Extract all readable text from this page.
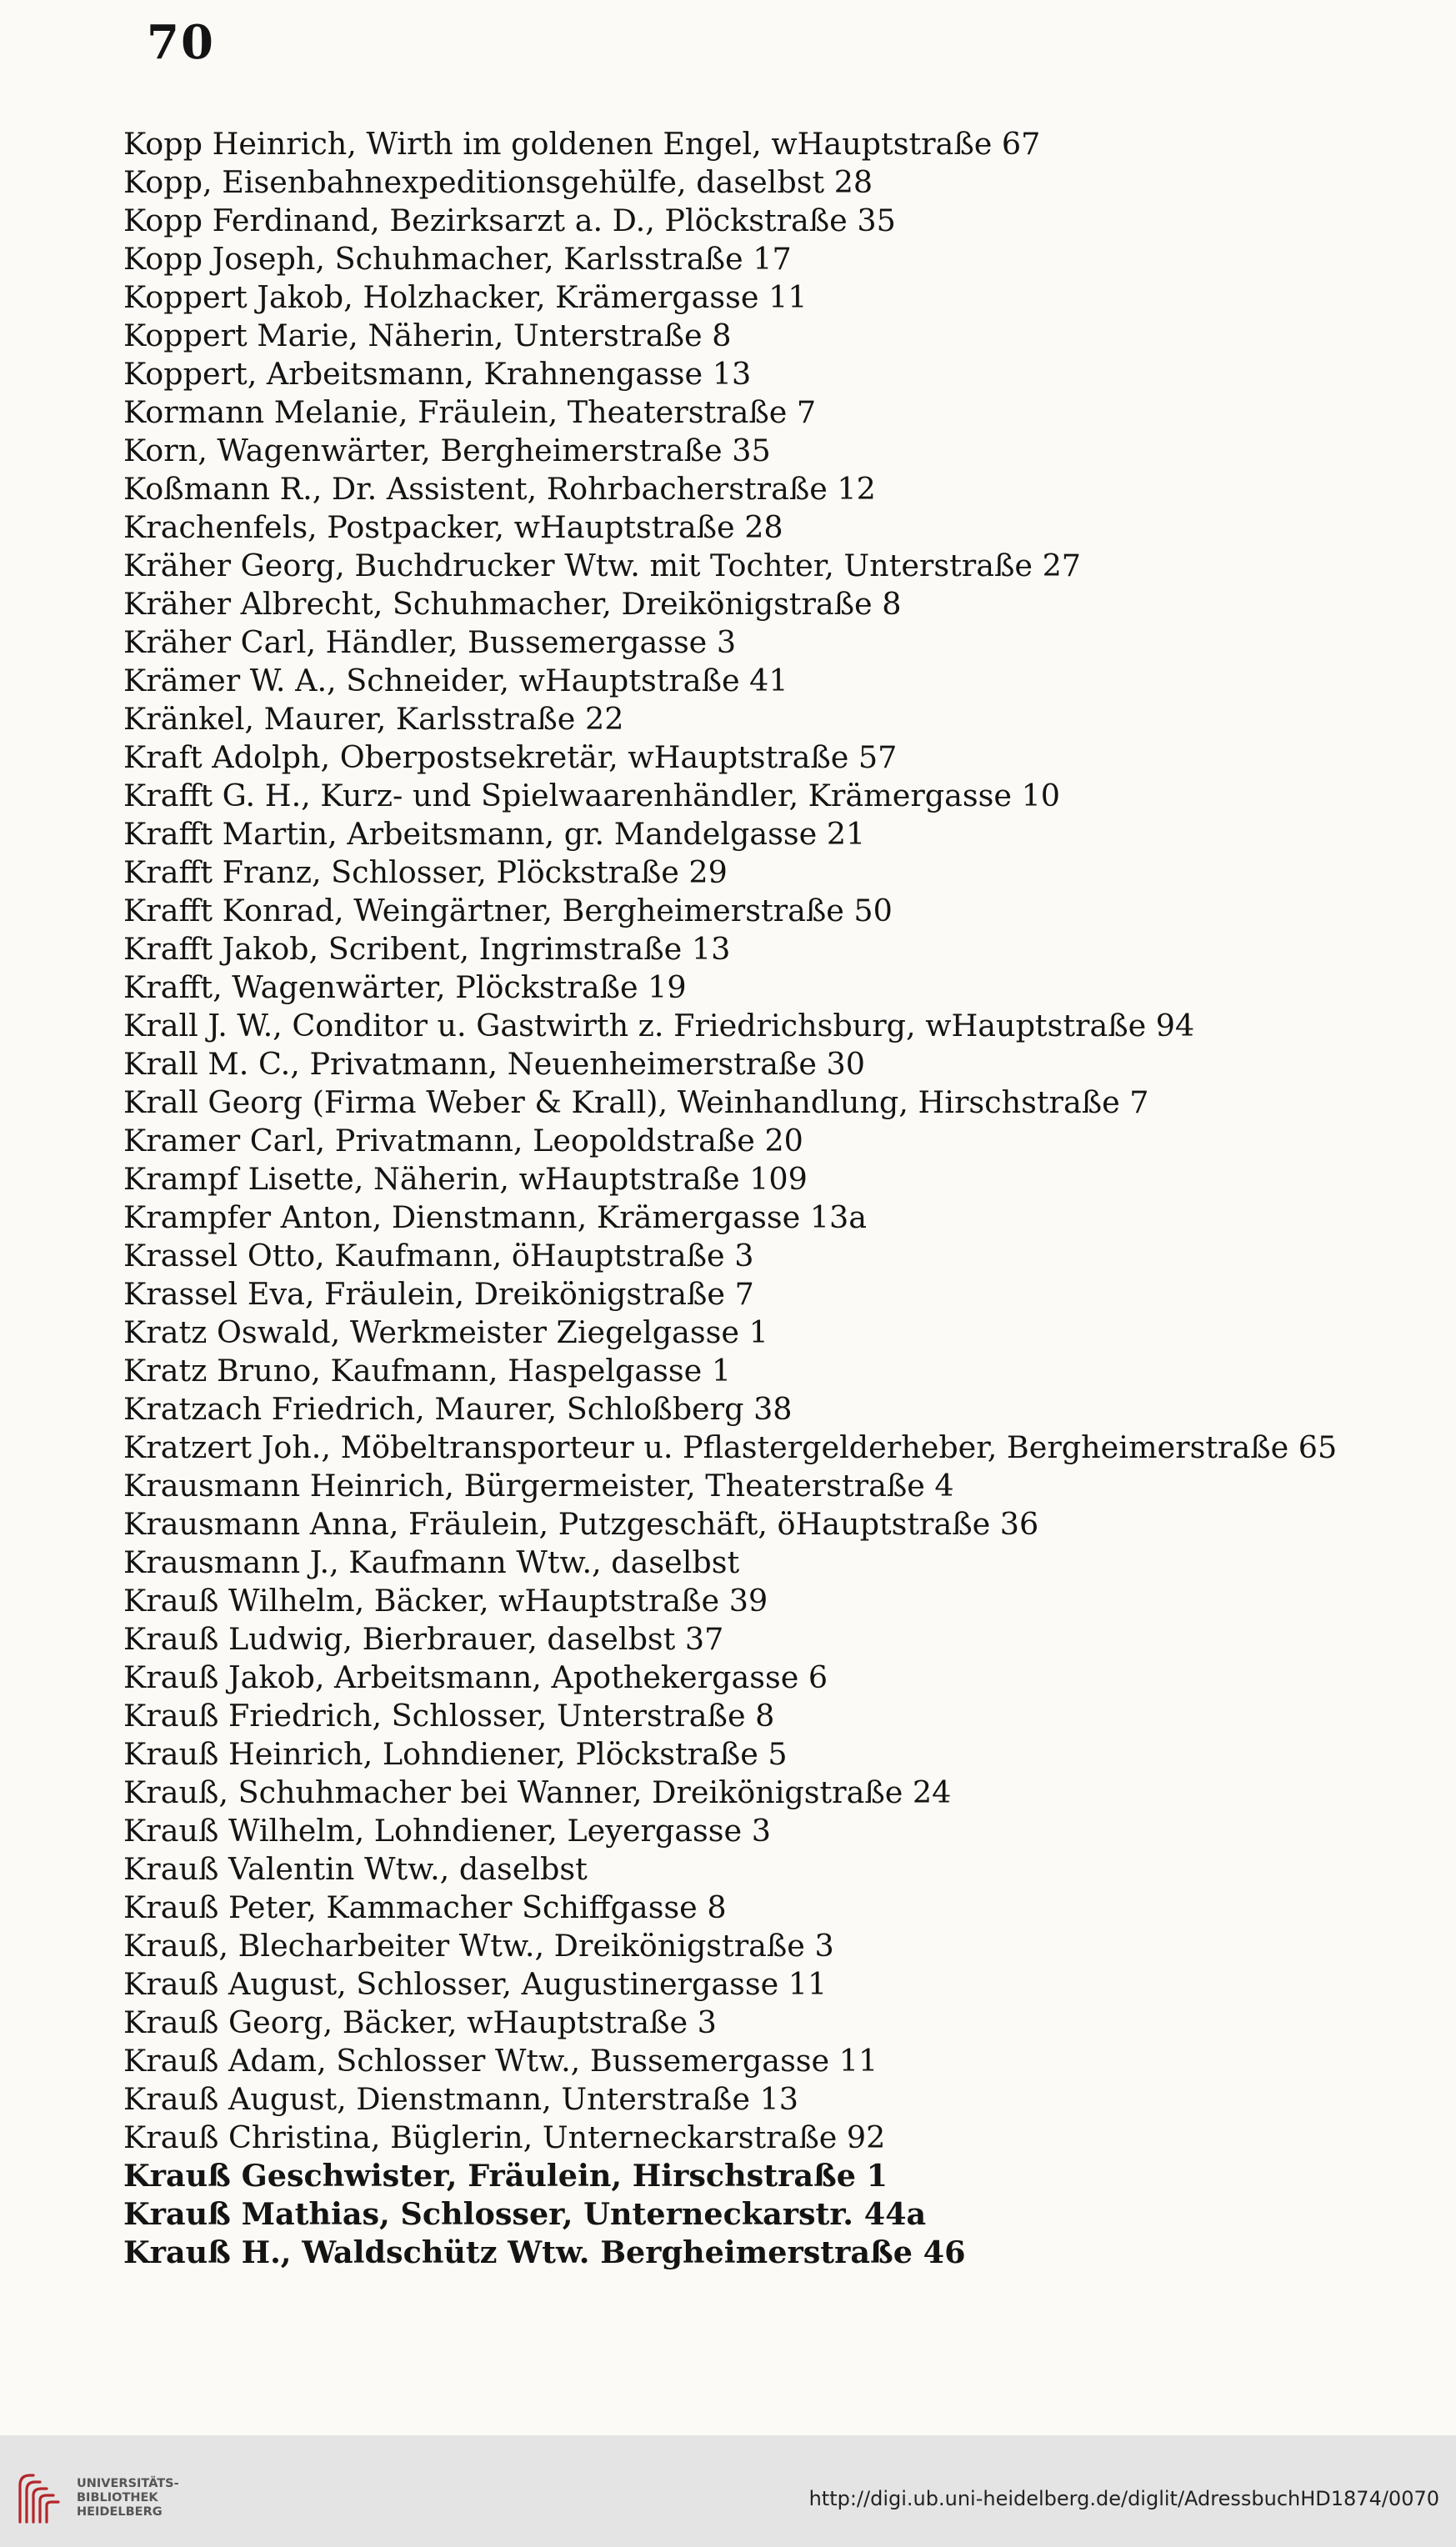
70
Kopp Heinrich, Wirth im goldenen Engel, wHauptstraße 67
Kopp, Eisenbahnexpeditionsgehülfe, daselbst 28
Kopp Ferdinand, Bezirksarzt a. D., Plöckstraße 35
Kopp Joseph, Schuhmacher, Karlsstraße 17
Koppert Jakob, Holzhacker, Krämergasse 11
Koppert Marie, Näherin, Unterstraße 8
Koppert, Arbeitsmann, Krahnengasse 13
Kormann Melanie, Fräulein, Theaterstraße 7
Korn, Wagenwärter, Bergheimerstraße 35
Koßmann R., Dr. Assistent, Rohrbacherstraße 12
Krachenfels, Postpacker, wHauptstraße 28
Kräher Georg, Buchdrucker Wtw. mit Tochter, Unterstraße 27
Kräher Albrecht, Schuhmacher, Dreikönigstraße 8
Kräher Carl, Händler, Bussemergasse 3
Krämer W. A., Schneider, wHauptstraße 41
Kränkel, Maurer, Karlsstraße 22
Kraft Adolph, Oberpostsekretär, wHauptstraße 57
Krafft G. H., Kurz- und Spielwaarenhändler, Krämergasse 10
Krafft Martin, Arbeitsmann, gr. Mandelgasse 21
Krafft Franz, Schlosser, Plöckstraße 29
Krafft Konrad, Weingärtner, Bergheimerstraße 50
Krafft Jakob, Scribent, Ingrimstraße 13
Krafft, Wagenwärter, Plöckstraße 19
Krall J. W., Conditor u. Gastwirth z. Friedrichsburg, wHauptstraße 94
Krall M. C., Privatmann, Neuenheimerstraße 30
Krall Georg (Firma Weber & Krall), Weinhandlung, Hirschstraße 7
Kramer Carl, Privatmann, Leopoldstraße 20
Krampf Lisette, Näherin, wHauptstraße 109
Krampfer Anton, Dienstmann, Krämergasse 13a
Krassel Otto, Kaufmann, öHauptstraße 3
Krassel Eva, Fräulein, Dreikönigstraße 7
Kratz Oswald, Werkmeister Ziegelgasse 1
Kratz Bruno, Kaufmann, Haspelgasse 1
Kratzach Friedrich, Maurer, Schloßberg 38
Kratzert Joh., Möbeltransporteur u. Pflastergelderheber, Bergheimerstraße 65
Krausmann Heinrich, Bürgermeister, Theaterstraße 4
Krausmann Anna, Fräulein, Putzgeschäft, öHauptstraße 36
Krausmann J., Kaufmann Wtw., daselbst
Krauß Wilhelm, Bäcker, wHauptstraße 39
Krauß Ludwig, Bierbrauer, daselbst 37
Krauß Jakob, Arbeitsmann, Apothekergasse 6
Krauß Friedrich, Schlosser, Unterstraße 8
Krauß Heinrich, Lohndiener, Plöckstraße 5
Krauß, Schuhmacher bei Wanner, Dreikönigstraße 24
Krauß Wilhelm, Lohndiener, Leyergasse 3
Krauß Valentin Wtw., daselbst
Krauß Peter, Kammacher Schiffgasse 8
Krauß, Blecharbeiter Wtw., Dreikönigstraße 3
Krauß August, Schlosser, Augustinergasse 11
Krauß Georg, Bäcker, wHauptstraße 3
Krauß Adam, Schlosser Wtw., Bussemergasse 11
Krauß August, Dienstmann, Unterstraße 13
Krauß Christina, Büglerin, Unterneckarstraße 92
Krauß Geschwister, Fräulein, Hirschstraße 1
Krauß Mathias, Schlosser, Unterneckarstr. 44a
Krauß H., Waldschütz Wtw. Bergheimerstraße 46
UNIVERSITÄTS-
BIBLIOTHEK
HEIDELBERG
http://digi.ub.uni-heidelberg.de/diglit/AdressbuchHD1874/0070
